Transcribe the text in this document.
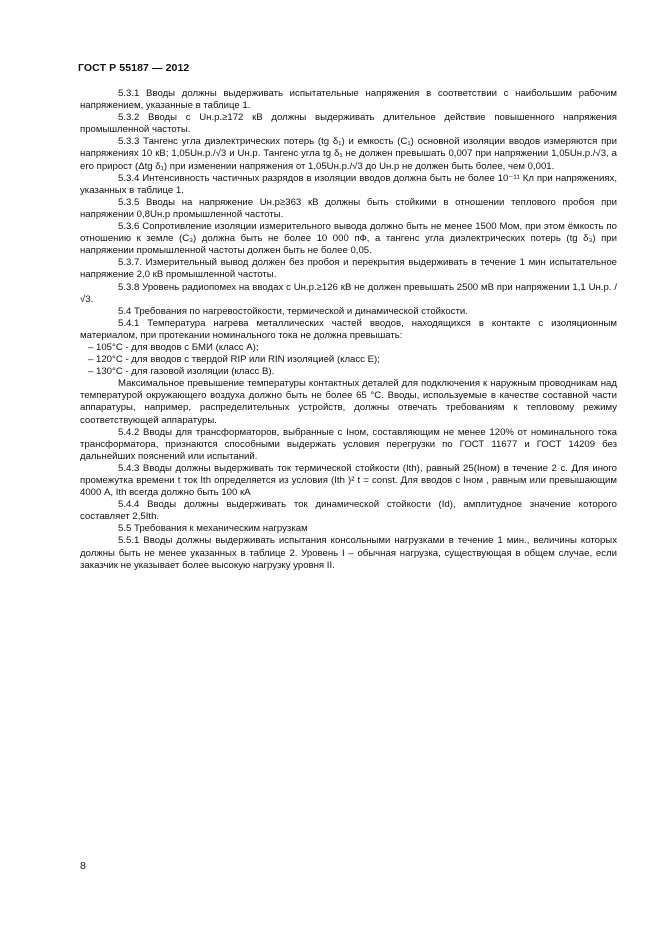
ГОСТ Р 55187 — 2012

5.3.1 Вводы должны выдерживать испытательные напряжения в соответствии с наибольшим рабочим напряжением, указанные в таблице 1.

5.3.2 Вводы с Uн.р.≥172 кВ должны выдерживать длительное действие повышенного напряжения промышленной частоты.

5.3.3 Тангенс угла диэлектрических потерь (tg δ₁) и емкость (С₁) основной изоляции вводов измеряются при напряжениях 10 кВ; 1,05Uн.р./√3 и Uн.р. Тангенс угла tg δ₁ не должен превышать 0,007 при напряжении 1,05Uн.р./√3, а его прирост (Δtg δ₁) при изменении напряжения от 1,05Uн.р./√3 до Uн.р не должен быть более, чем 0,001.

5.3.4 Интенсивность частичных разрядов в изоляции вводов должна быть не более 10⁻¹¹ Кл при напряжениях, указанных в таблице 1.

5.3.5 Вводы на напряжение Uн.р≥363 кВ должны быть стойкими в отношении теплового пробоя при напряжении 0,8Uн.р промышленной частоты.

5.3.6 Сопротивление изоляции измерительного вывода должно быть не менее 1500 Мом, при этом ёмкость по отношению к земле (С₃) должна быть не более 10 000 пФ, а тангенс угла диэлектрических потерь (tg δ₃) при напряжении промышленной частоты должен быть не более 0,05.

5.3.7. Измерительный вывод должен без пробоя и перекрытия выдерживать в течение 1 мин испытательное напряжение 2,0 кВ промышленной частоты.

5.3.8 Уровень радиопомех на вводах с Uн.р.≥126 кВ не должен превышать 2500 мВ при напряжении 1,1 Uн.р. / √3.

5.4 Требования по нагревостойкости, термической и динамической стойкости.

5.4.1 Температура нагрева металлических частей вводов, находящихся в контакте с изоляционным материалом, при протекании номинального тока не должна превышать:

– 105°С - для вводов с БМИ (класс А);

– 120°С - для вводов с твердой RIP или RIN изоляцией (класс Е);

– 130°С - для газовой изоляции (класс В).

Максимальное превышение температуры контактных деталей для подключения к наружным проводникам над температурой окружающего воздуха должно быть не более 65 °С. Вводы, используемые в качестве составной части аппаратуры, например, распределительных устройств, должны отвечать требованиям к тепловому режиму соответствующей аппаратуры.

5.4.2 Вводы для трансформаторов, выбранные с Iном, составляющим не менее 120% от номинального тока трансформатора, признаются способными выдержать условия перегрузки по ГОСТ 11677 и ГОСТ 14209 без дальнейших пояснений или испытаний.

5.4.3 Вводы должны выдерживать ток термической стойкости (Ith), равный 25(Iном) в течение 2 с. Для иного промежутка времени t ток Ith определяется из условия (Ith )² t = const. Для вводов с Iном , равным или превышающим 4000 А, Ith всегда должно быть 100 кА

5.4.4 Вводы должны выдерживать ток динамической стойкости (Id), амплитудное значение которого составляет 2,5Ith.

5.5 Требования к механическим нагрузкам

5.5.1 Вводы должны выдерживать испытания консольными нагрузками в течение 1 мин., величины которых должны быть не менее указанных в таблице 2. Уровень I – обычная нагрузка, существующая в общем случае, если заказчик не указывает более высокую нагрузку уровня II.

8
